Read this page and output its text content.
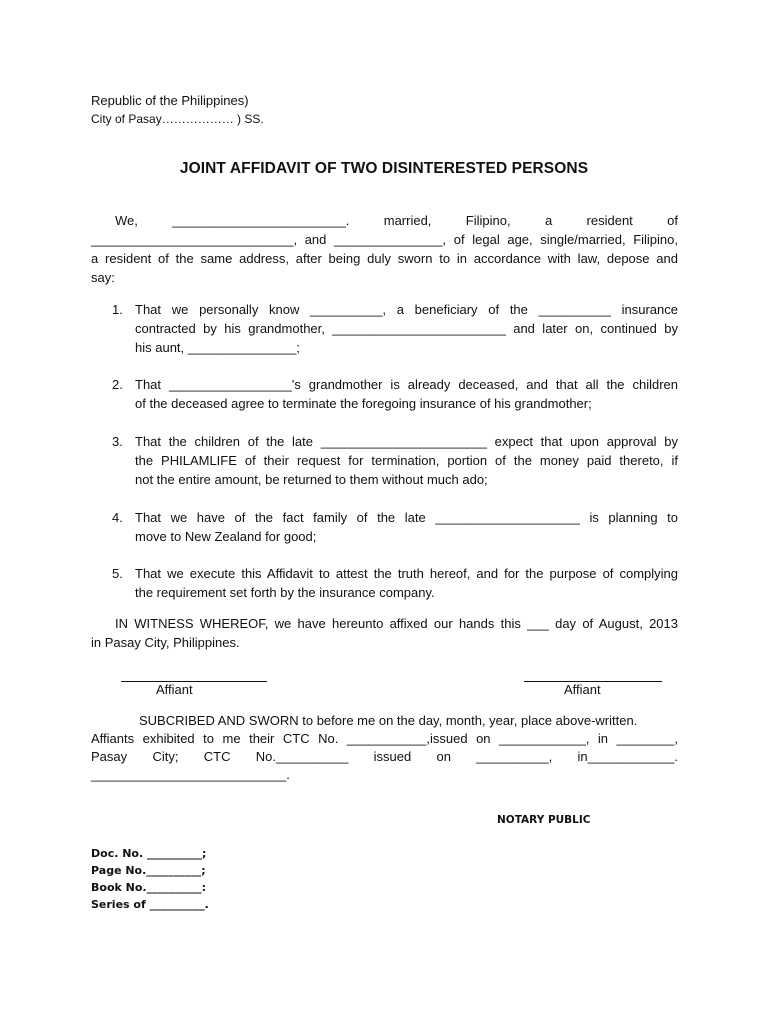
Republic of the Philippines)
City of Pasay……………… ) SS.
JOINT AFFIDAVIT OF TWO DISINTERESTED PERSONS
We, ________________________. married, Filipino, a resident of
____________________________, and _______________, of legal age, single/married, Filipino,
a resident of the same address, after being duly sworn to in accordance with law, depose and
say:
1. That we personally know __________, a beneficiary of the __________ insurance
contracted by his grandmother, ________________________ and later on, continued by
his aunt, _______________;
2. That _________________'s grandmother is already deceased, and that all the children
of the deceased agree to terminate the foregoing insurance of his grandmother;
3. That the children of the late _______________________ expect that upon approval by
the PHILAMLIFE of their request for termination, portion of the money paid thereto, if
not the entire amount, be returned to them without much ado;
4. That we have of the fact family of the late ____________________ is planning to
move to New Zealand for good;
5. That we execute this Affidavit to attest the truth hereof, and for the purpose of complying
the requirement set forth by the insurance company.
IN WITNESS WHEREOF, we have hereunto affixed our hands this ___ day of August, 2013
in Pasay City, Philippines.
Affiant	Affiant
SUBCRIBED AND SWORN to before me on the day, month, year, place above-written.
Affiants exhibited to me their CTC No. ___________,issued on ____________, in ________,
Pasay City; CTC No.__________ issued on __________, in____________.
___________________________.
NOTARY PUBLIC
Doc. No. __________;
Page No.__________;
Book No.__________:
Series of __________.
